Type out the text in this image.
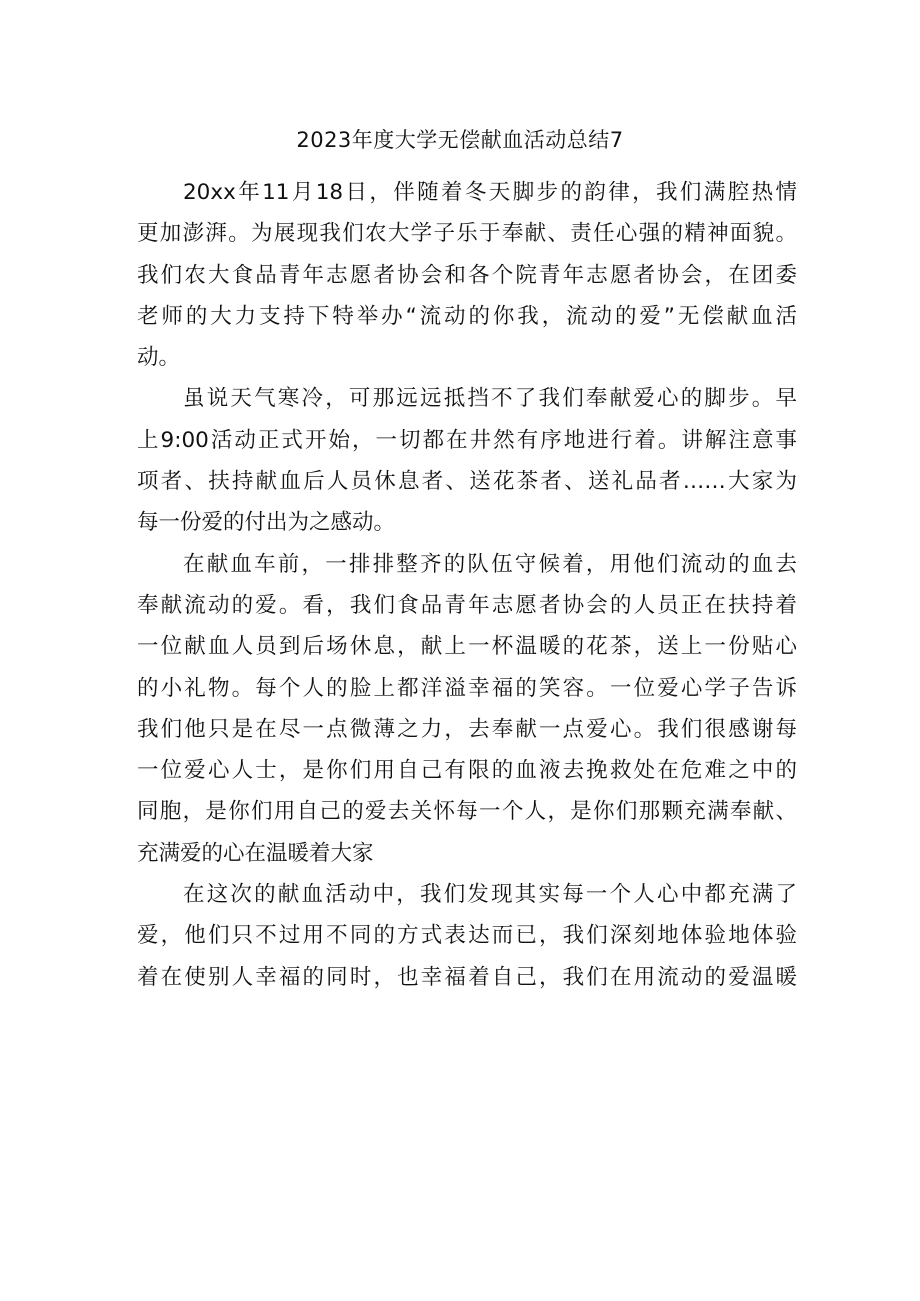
2023年度大学无偿献血活动总结7

20xx年11月18日，伴随着冬天脚步的韵律，我们满腔热情
更加澎湃。为展现我们农大学子乐于奉献、责任心强的精神面貌。
我们农大食品青年志愿者协会和各个院青年志愿者协会，在团委
老师的大力支持下特举办“流动的你我，流动的爱”无偿献血活
动。

虽说天气寒冷，可那远远抵挡不了我们奉献爱心的脚步。早
上9:00活动正式开始，一切都在井然有序地进行着。讲解注意事
项者、扶持献血后人员休息者、送花茶者、送礼品者……大家为
每一份爱的付出为之感动。

在献血车前，一排排整齐的队伍守候着，用他们流动的血去
奉献流动的爱。看，我们食品青年志愿者协会的人员正在扶持着
一位献血人员到后场休息，献上一杯温暖的花茶，送上一份贴心
的小礼物。每个人的脸上都洋溢幸福的笑容。一位爱心学子告诉
我们他只是在尽一点微薄之力，去奉献一点爱心。我们很感谢每
一位爱心人士，是你们用自己有限的血液去挽救处在危难之中的
同胞，是你们用自己的爱去关怀每一个人，是你们那颗充满奉献、
充满爱的心在温暖着大家

在这次的献血活动中，我们发现其实每一个人心中都充满了
爱，他们只不过用不同的方式表达而已，我们深刻地体验地体验
着在使别人幸福的同时，也幸福着自己，我们在用流动的爱温暖
